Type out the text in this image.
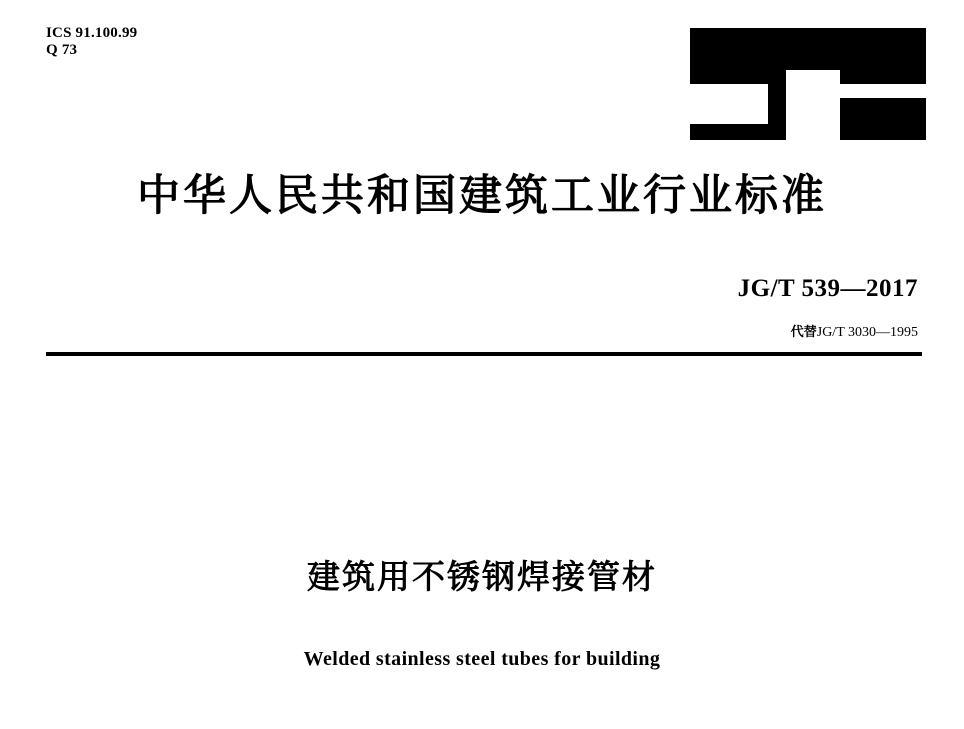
ICS 91.100.99
Q 73
中华人民共和国建筑工业行业标准
JG/T 539—2017

代替JG/T 3030—1995

建筑用不锈钢焊接管材
Welded stainless steel tubes for building
